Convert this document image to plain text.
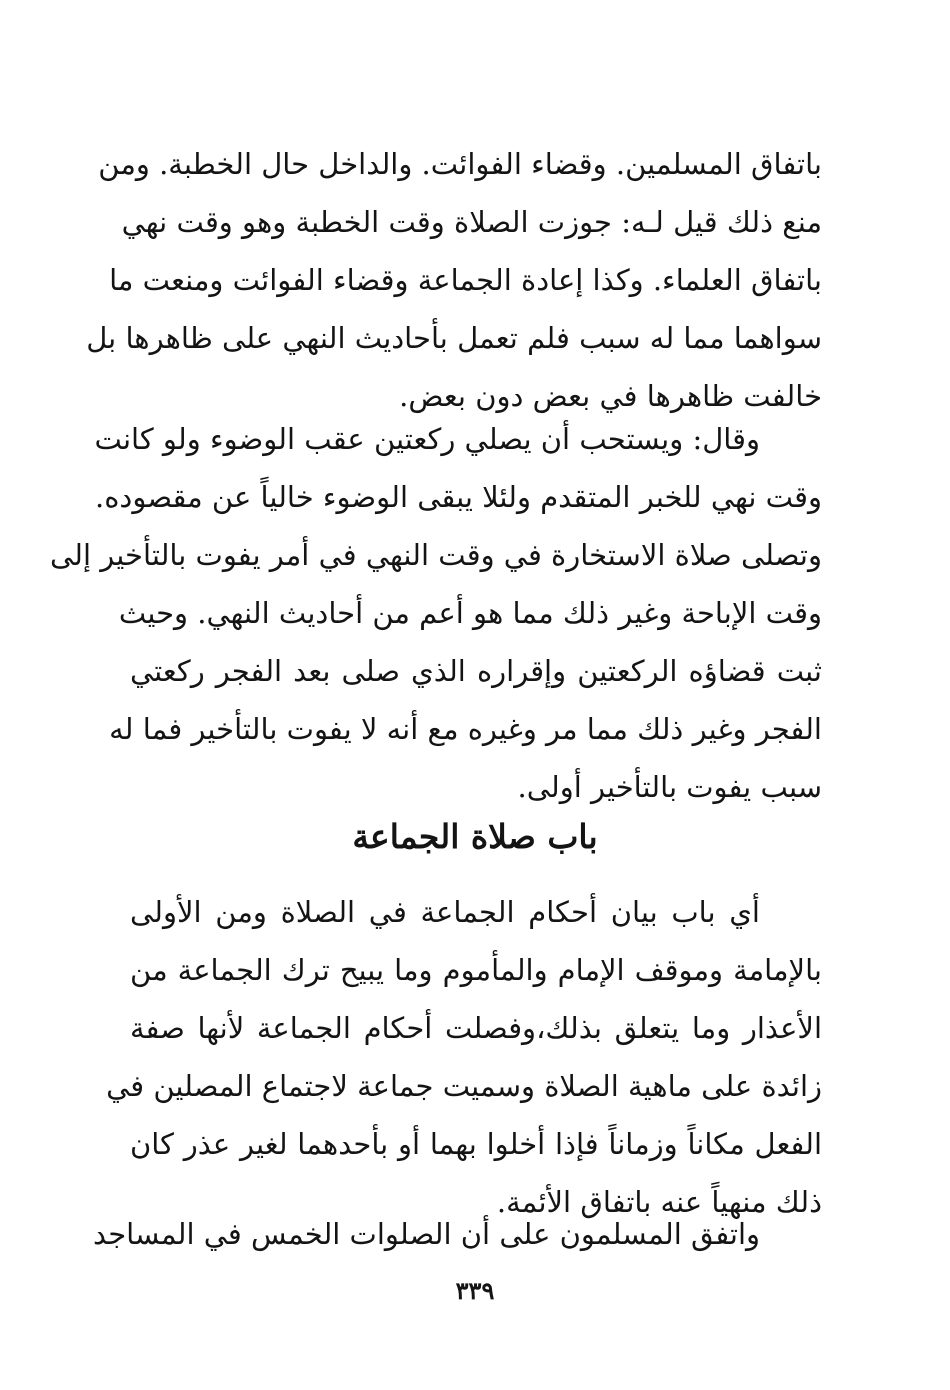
باتفاق المسلمين. وقضاء الفوائت. والداخل حال الخطبة. ومن
منع ذلك قيل لـه: جوزت الصلاة وقت الخطبة وهو وقت نهي
باتفاق العلماء. وكذا إعادة الجماعة وقضاء الفوائت ومنعت ما
سواهما مما له سبب فلم تعمل بأحاديث النهي على ظاهرها بل
خالفت ظاهرها في بعض دون بعض.
وقال: ويستحب أن يصلي ركعتين عقب الوضوء ولو كانت
وقت نهي للخبر المتقدم ولئلا يبقى الوضوء خالياً عن مقصوده.
وتصلى صلاة الاستخارة في وقت النهي في أمر يفوت بالتأخير إلى
وقت الإباحة وغير ذلك مما هو أعم من أحاديث النهي. وحيث
ثبت قضاؤه الركعتين وإقراره الذي صلى بعد الفجر ركعتي
الفجر وغير ذلك مما مر وغيره مع أنه لا يفوت بالتأخير فما له
سبب يفوت بالتأخير أولى.
باب صلاة الجماعة
أي باب بيان أحكام الجماعة في الصلاة ومن الأولى
بالإمامة وموقف الإمام والمأموم وما يبيح ترك الجماعة من
الأعذار وما يتعلق بذلك،وفصلت أحكام الجماعة لأنها صفة
زائدة على ماهية الصلاة وسميت جماعة لاجتماع المصلين في
الفعل مكاناً وزماناً فإذا أخلوا بهما أو بأحدهما لغير عذر كان
ذلك منهياً عنه باتفاق الأئمة.
واتفق المسلمون على أن الصلوات الخمس في المساجد
٣٣٩
